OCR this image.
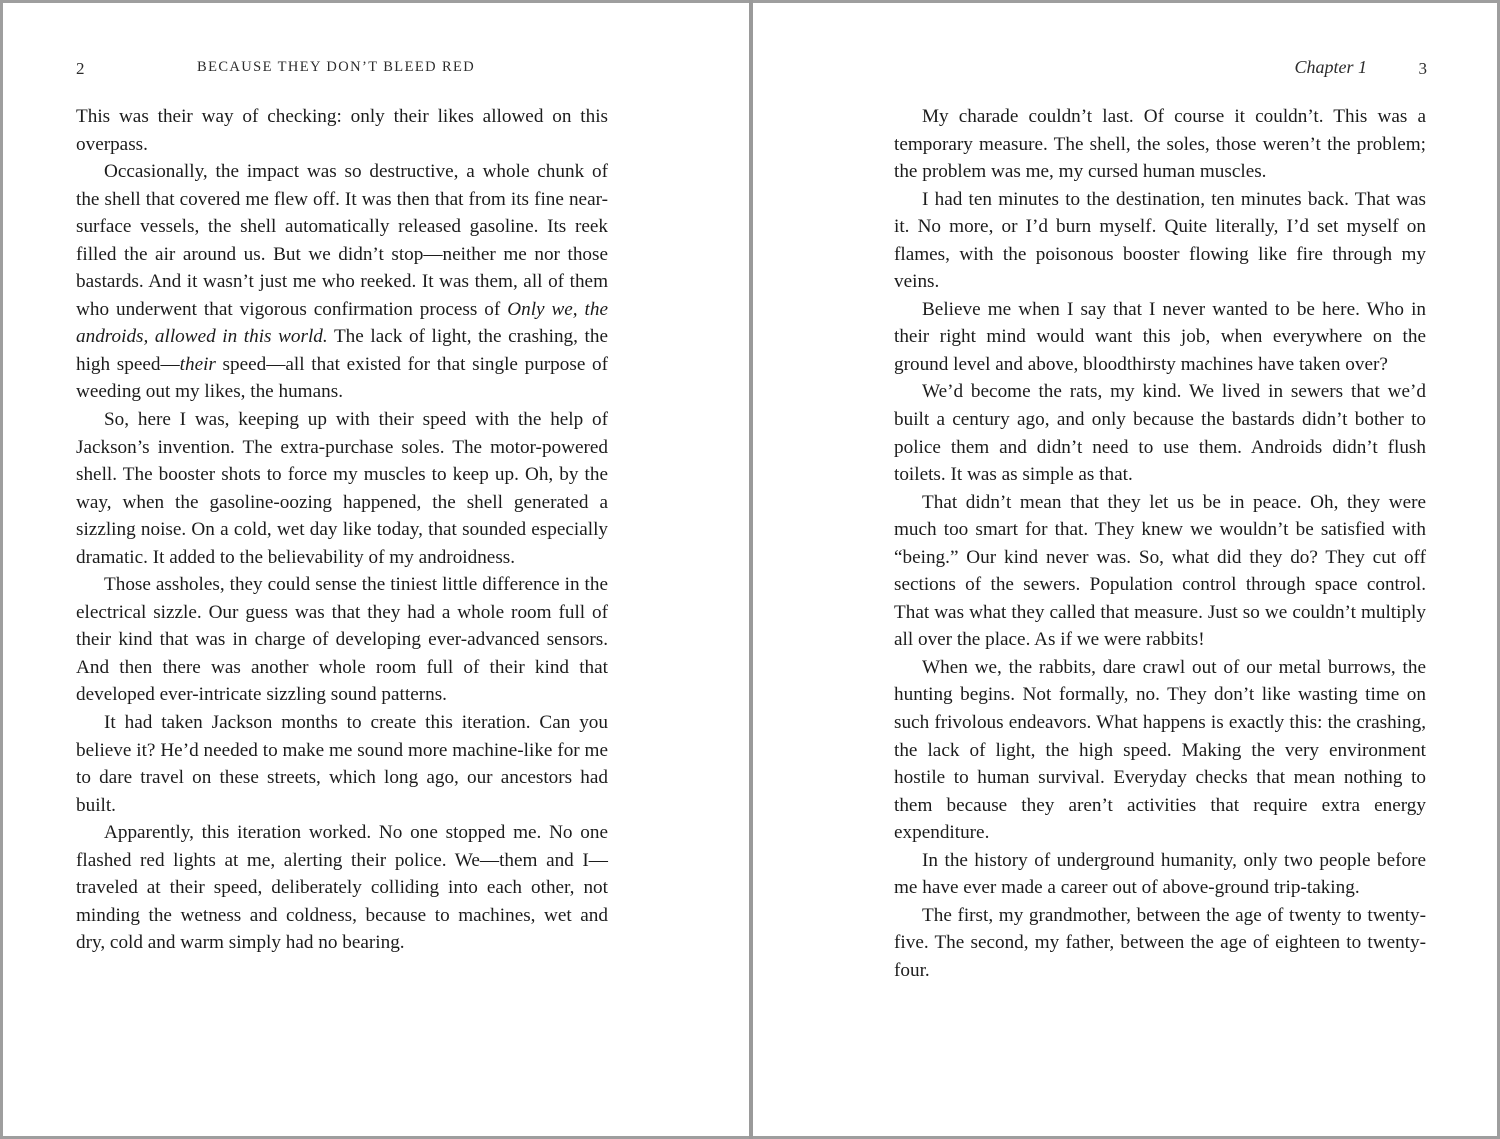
2	BECAUSE THEY DON’T BLEED RED

This was their way of checking: only their likes allowed on this overpass.

Occasionally, the impact was so destructive, a whole chunk of the shell that covered me flew off. It was then that from its fine near-surface vessels, the shell automatically released gasoline. Its reek filled the air around us. But we didn’t stop—neither me nor those bastards. And it wasn’t just me who reeked. It was them, all of them who underwent that vigorous confirmation process of Only we, the androids, allowed in this world. The lack of light, the crashing, the high speed—their speed—all that existed for that single purpose of weeding out my likes, the humans.

So, here I was, keeping up with their speed with the help of Jackson’s invention. The extra-purchase soles. The motor-powered shell. The booster shots to force my muscles to keep up. Oh, by the way, when the gasoline-oozing happened, the shell generated a sizzling noise. On a cold, wet day like today, that sounded especially dramatic. It added to the believability of my androidness.

Those assholes, they could sense the tiniest little difference in the electrical sizzle. Our guess was that they had a whole room full of their kind that was in charge of developing ever-advanced sensors. And then there was another whole room full of their kind that developed ever-intricate sizzling sound patterns.

It had taken Jackson months to create this iteration. Can you believe it? He’d needed to make me sound more machine-like for me to dare travel on these streets, which long ago, our ancestors had built.

Apparently, this iteration worked. No one stopped me. No one flashed red lights at me, alerting their police. We—them and I—traveled at their speed, deliberately colliding into each other, not minding the wetness and coldness, because to machines, wet and dry, cold and warm simply had no bearing.

Chapter 1	3

My charade couldn’t last. Of course it couldn’t. This was a temporary measure. The shell, the soles, those weren’t the problem; the problem was me, my cursed human muscles.

I had ten minutes to the destination, ten minutes back. That was it. No more, or I’d burn myself. Quite literally, I’d set myself on flames, with the poisonous booster flowing like fire through my veins.

Believe me when I say that I never wanted to be here. Who in their right mind would want this job, when everywhere on the ground level and above, bloodthirsty machines have taken over?

We’d become the rats, my kind. We lived in sewers that we’d built a century ago, and only because the bastards didn’t bother to police them and didn’t need to use them. Androids didn’t flush toilets. It was as simple as that.

That didn’t mean that they let us be in peace. Oh, they were much too smart for that. They knew we wouldn’t be satisfied with “being.” Our kind never was. So, what did they do? They cut off sections of the sewers. Population control through space control. That was what they called that measure. Just so we couldn’t multiply all over the place. As if we were rabbits!

When we, the rabbits, dare crawl out of our metal burrows, the hunting begins. Not formally, no. They don’t like wasting time on such frivolous endeavors. What happens is exactly this: the crashing, the lack of light, the high speed. Making the very environment hostile to human survival. Everyday checks that mean nothing to them because they aren’t activities that require extra energy expenditure.

In the history of underground humanity, only two people before me have ever made a career out of above-ground trip-taking.

The first, my grandmother, between the age of twenty to twenty-five. The second, my father, between the age of eighteen to twenty-four.
